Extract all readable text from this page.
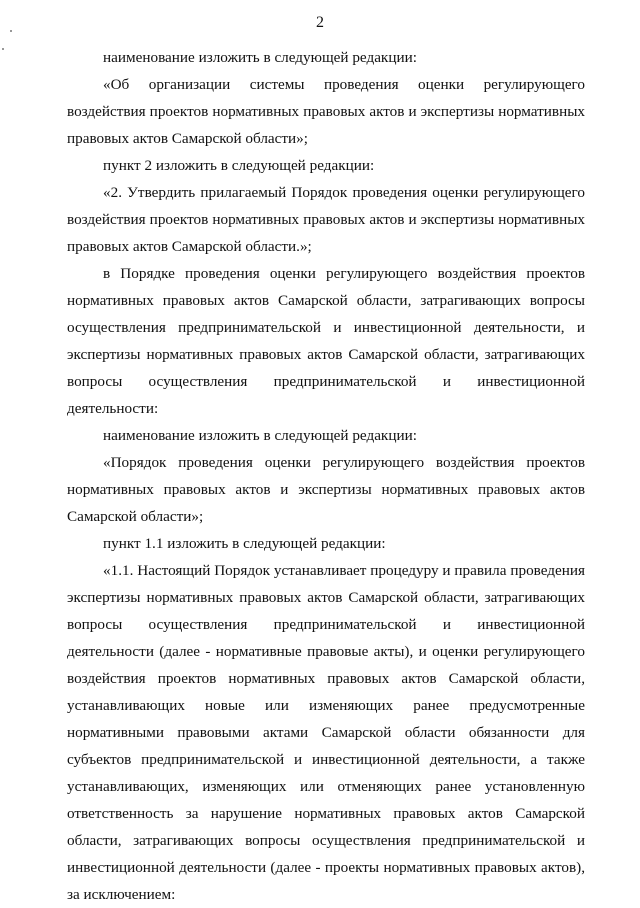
2

наименование изложить в следующей редакции:

«Об организации системы проведения оценки регулирующего воздействия проектов нормативных правовых актов и экспертизы нормативных правовых актов Самарской области»;

пункт 2 изложить в следующей редакции:

«2. Утвердить прилагаемый Порядок проведения оценки регулирующего воздействия проектов нормативных правовых актов и экспертизы нормативных правовых актов Самарской области.»;

в Порядке проведения оценки регулирующего воздействия проектов нормативных правовых актов Самарской области, затрагивающих вопросы осуществления предпринимательской и инвестиционной деятельности, и экспертизы нормативных правовых актов Самарской области, затрагивающих вопросы осуществления предпринимательской и инвестиционной деятельности:

наименование изложить в следующей редакции:

«Порядок проведения оценки регулирующего воздействия проектов нормативных правовых актов и экспертизы нормативных правовых актов Самарской области»;

пункт 1.1 изложить в следующей редакции:

«1.1. Настоящий Порядок устанавливает процедуру и правила проведения экспертизы нормативных правовых актов Самарской области, затрагивающих вопросы осуществления предпринимательской и инвестиционной деятельности (далее - нормативные правовые акты), и оценки регулирующего воздействия проектов нормативных правовых актов Самарской области, устанавливающих новые или изменяющих ранее предусмотренные нормативными правовыми актами Самарской области обязанности для субъектов предпринимательской и инвестиционной деятельности, а также устанавливающих, изменяющих или отменяющих ранее установленную ответственность за нарушение нормативных правовых актов Самарской области, затрагивающих вопросы осуществления предпринимательской и инвестиционной деятельности (далее - проекты нормативных правовых актов), за исключением:
